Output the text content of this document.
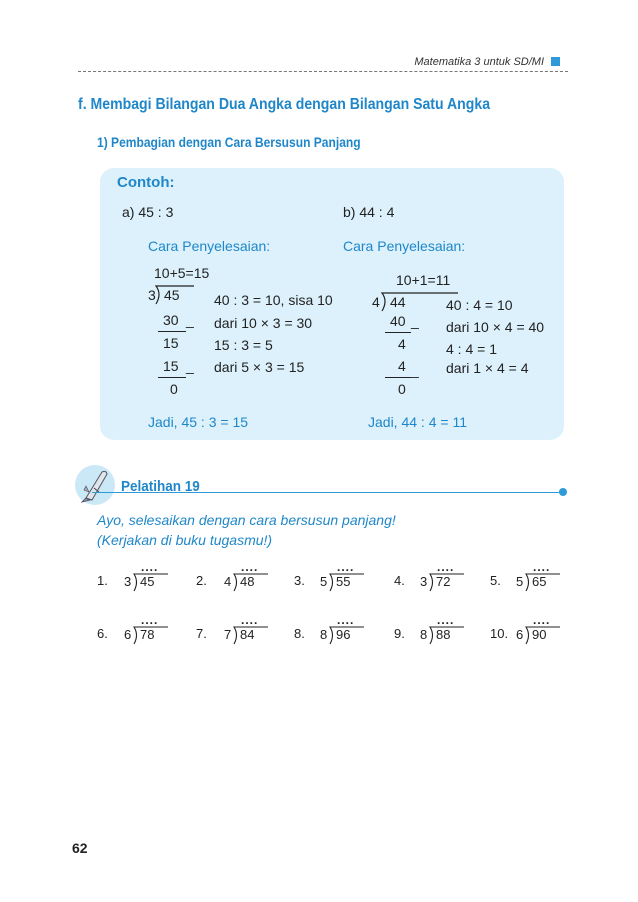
Matematika 3 untuk SD/MI
f. Membagi Bilangan Dua Angka dengan Bilangan Satu Angka
1) Pembagian dengan Cara Bersusun Panjang
Contoh:
a) 45 : 3
Cara Penyelesaian:
10+5=15
3 45
30 _
15
15 _
0
40 : 3 = 10, sisa 10
dari 10 × 3 = 30
15 : 3 = 5
dari 5 × 3 = 15
Jadi, 45 : 3 = 15
b) 44 : 4
Cara Penyelesaian:
10+1=11
4 44
40 _
4
4 _
0
40 : 4 = 10
dari 10 × 4 = 40
4 : 4 = 1
dari 1 × 4 = 4
Jadi, 44 : 4 = 11
Pelatihan 19
Ayo, selesaikan dengan cara bersusun panjang!
(Kerjakan di buku tugasmu!)
1.
....
3 45	2.
....
4 48	3.
....
5 55	4.
....
3 72	5.
....
5 65
6.
....
6 78	7.
....
7 84	8.
....
8 96	9.
....
8 88	10.
....
6 90
62
